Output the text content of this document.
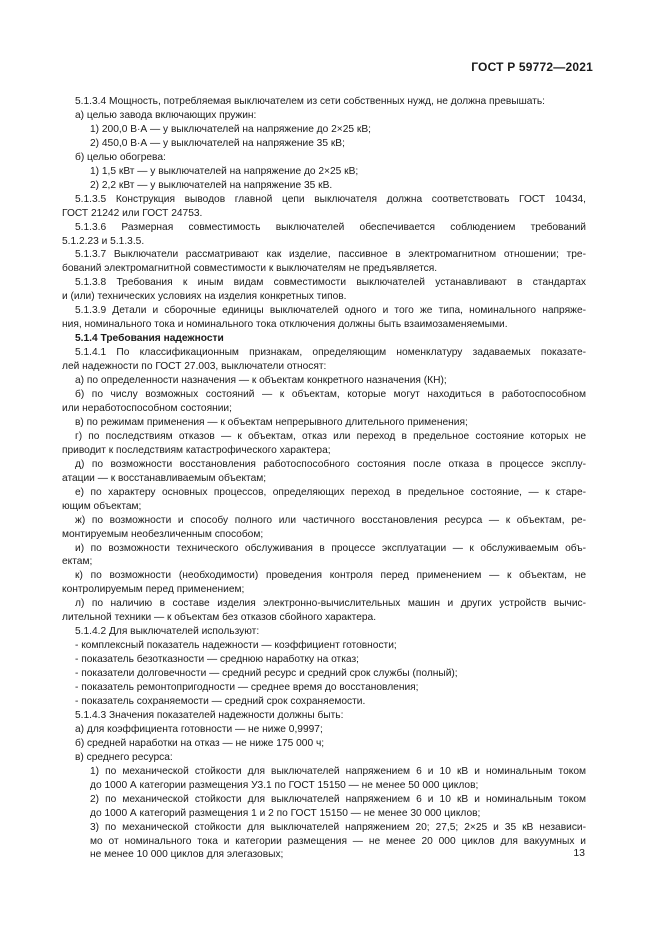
ГОСТ Р 59772—2021

5.1.3.4 Мощность, потребляемая выключателем из сети собственных нужд, не должна превышать:

а) целью завода включающих пружин:

1) 200,0 В·А — у выключателей на напряжение до 2×25 кВ;

2) 450,0 В·А — у выключателей на напряжение 35 кВ;

б) целью обогрева:

1) 1,5 кВт — у выключателей на напряжение до 2×25 кВ;

2) 2,2 кВт — у выключателей на напряжение 35 кВ.

5.1.3.5 Конструкция выводов главной цепи выключателя должна соответствовать ГОСТ 10434,

ГОСТ 21242 или ГОСТ 24753.

5.1.3.6 Размерная совместимость выключателей обеспечивается соблюдением требований

5.1.2.23 и 5.1.3.5.

5.1.3.7 Выключатели рассматривают как изделие, пассивное в электромагнитном отношении; тре-

бований электромагнитной совместимости к выключателям не предъявляется.

5.1.3.8 Требования к иным видам совместимости выключателей устанавливают в стандартах

и (или) технических условиях на изделия конкретных типов.

5.1.3.9 Детали и сборочные единицы выключателей одного и того же типа, номинального напряже-

ния, номинального тока и номинального тока отключения должны быть взаимозаменяемыми.

5.1.4 Требования надежности

5.1.4.1 По классификационным признакам, определяющим номенклатуру задаваемых показате-

лей надежности по ГОСТ 27.003, выключатели относят:

а) по определенности назначения — к объектам конкретного назначения (КН);

б) по числу возможных состояний — к объектам, которые могут находиться в работоспособном

или неработоспособном состоянии;

в) по режимам применения — к объектам непрерывного длительного применения;

г) по последствиям отказов — к объектам, отказ или переход в предельное состояние которых не

приводит к последствиям катастрофического характера;

д) по возможности восстановления работоспособного состояния после отказа в процессе эксплу-

атации — к восстанавливаемым объектам;

е) по характеру основных процессов, определяющих переход в предельное состояние, — к старе-

ющим объектам;

ж) по возможности и способу полного или частичного восстановления ресурса — к объектам, ре-

монтируемым необезличенным способом;

и) по возможности технического обслуживания в процессе эксплуатации — к обслуживаемым объ-

ектам;

к) по возможности (необходимости) проведения контроля перед применением — к объектам, не

контролируемым перед применением;

л) по наличию в составе изделия электронно-вычислительных машин и других устройств вычис-

лительной техники — к объектам без отказов сбойного характера.

5.1.4.2 Для выключателей используют:

- комплексный показатель надежности — коэффициент готовности;

- показатель безотказности — среднюю наработку на отказ;

- показатели долговечности — средний ресурс и средний срок службы (полный);

- показатель ремонтопригодности — среднее время до восстановления;

- показатель сохраняемости — средний срок сохраняемости.

5.1.4.3 Значения показателей надежности должны быть:

а) для коэффициента готовности — не ниже 0,9997;

б) средней наработки на отказ — не ниже 175 000 ч;

в) среднего ресурса:

1) по механической стойкости для выключателей напряжением 6 и 10 кВ и номинальным током

до 1000 А категории размещения У3.1 по ГОСТ 15150 — не менее 50 000 циклов;

2) по механической стойкости для выключателей напряжением 6 и 10 кВ и номинальным током

до 1000 А категорий размещения 1 и 2 по ГОСТ 15150 — не менее 30 000 циклов;

3) по механической стойкости для выключателей напряжением 20; 27,5; 2×25 и 35 кВ независи-

мо от номинального тока и категории размещения — не менее 20 000 циклов для вакуумных и

не менее 10 000 циклов для элегазовых;	13
